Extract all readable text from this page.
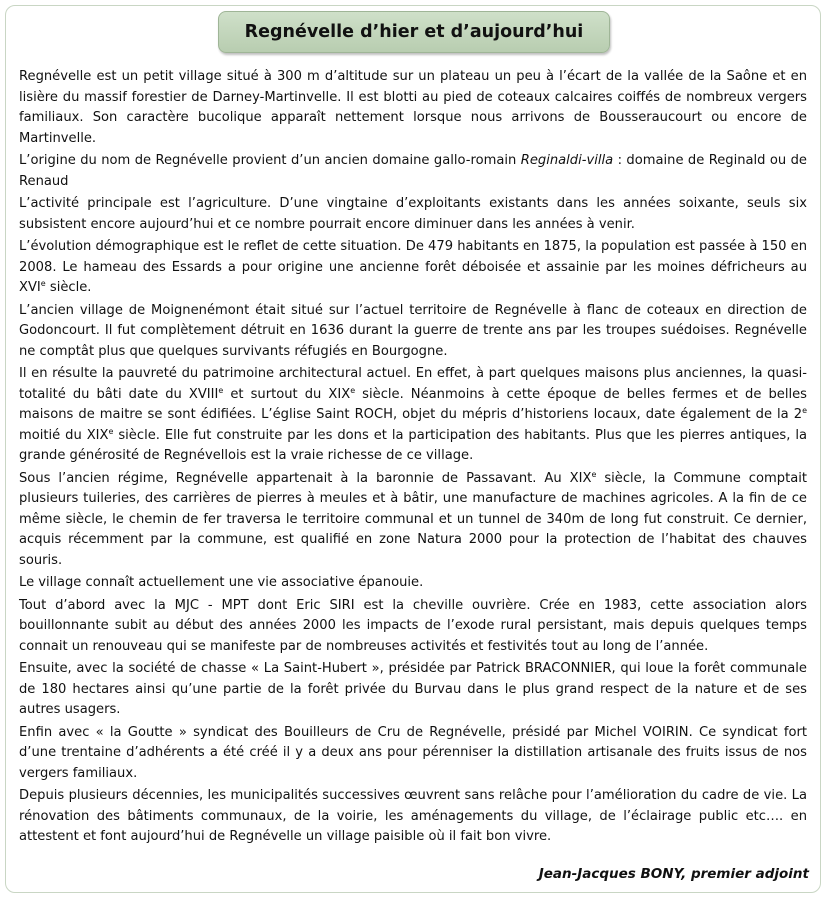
Regnévelle d’hier et d’aujourd’hui

Regnévelle est un petit village situé à 300 m d’altitude sur un plateau un peu à l’écart de la vallée de la Saône et en lisière du massif forestier de Darney-Martinvelle. Il est blotti au pied de coteaux calcaires coiffés de nombreux vergers familiaux. Son caractère bucolique apparaît nettement lorsque nous arrivons de Bousseraucourt ou encore de Martinvelle.

L’origine du nom de Regnévelle provient d’un ancien domaine gallo-romain Reginaldi-villa : domaine de Reginald ou de Renaud

L’activité principale est l’agriculture. D’une vingtaine d’exploitants existants dans les années soixante, seuls six subsistent encore aujourd’hui et ce nombre pourrait encore diminuer dans les années à venir.

L’évolution démographique est le reflet de cette situation. De 479 habitants en 1875, la population est passée à 150 en 2008. Le hameau des Essards a pour origine une ancienne forêt déboisée et assainie par les moines défricheurs au XVIe siècle.

L’ancien village de Moignenémont était situé sur l’actuel territoire de Regnévelle à flanc de coteaux en direction de Godoncourt. Il fut complètement détruit en 1636 durant la guerre de trente ans par les troupes suédoises. Regnévelle ne comptât plus que quelques survivants réfugiés en Bourgogne.

Il en résulte la pauvreté du patrimoine architectural actuel. En effet, à part quelques maisons plus anciennes, la quasi-totalité du bâti date du XVIIIe et surtout du XIXe siècle. Néanmoins à cette époque de belles fermes et de belles maisons de maitre se sont édifiées. L’église Saint ROCH, objet du mépris d’historiens locaux, date également de la 2e moitié du XIXe siècle. Elle fut construite par les dons et la participation des habitants. Plus que les pierres antiques, la grande générosité de Regnévellois est la vraie richesse de ce village.

Sous l’ancien régime, Regnévelle appartenait à la baronnie de Passavant. Au XIXe siècle, la Commune comptait plusieurs tuileries, des carrières de pierres à meules et à bâtir, une manufacture de machines agricoles. A la fin de ce même siècle, le chemin de fer traversa le territoire communal et un tunnel de 340m de long fut construit. Ce dernier, acquis récemment par la commune, est qualifié en zone Natura 2000 pour la protection de l’habitat des chauves souris.

Le village connaît actuellement une vie associative épanouie.

Tout d’abord avec la MJC - MPT dont Eric SIRI est la cheville ouvrière. Crée en 1983, cette association alors bouillonnante subit au début des années 2000 les impacts de l’exode rural persistant, mais depuis quelques temps connait un renouveau qui se manifeste par de nombreuses activités et festivités tout au long de l’année.

Ensuite, avec la société de chasse « La Saint-Hubert », présidée par Patrick BRACONNIER, qui loue la forêt communale de 180 hectares ainsi qu’une partie de la forêt privée du Burvau dans le plus grand respect de la nature et de ses autres usagers.

Enfin avec « la Goutte » syndicat des Bouilleurs de Cru de Regnévelle, présidé par Michel VOIRIN. Ce syndicat fort d’une trentaine d’adhérents a été créé il y a deux ans pour pérenniser la distillation artisanale des fruits issus de nos vergers familiaux.

Depuis plusieurs décennies, les municipalités successives œuvrent sans relâche pour l’amélioration du cadre de vie. La rénovation des bâtiments communaux, de la voirie, les aménagements du village, de l’éclairage public etc…. en attestent et font aujourd’hui de Regnévelle un village paisible où il fait bon vivre.

Jean-Jacques BONY, premier adjoint
